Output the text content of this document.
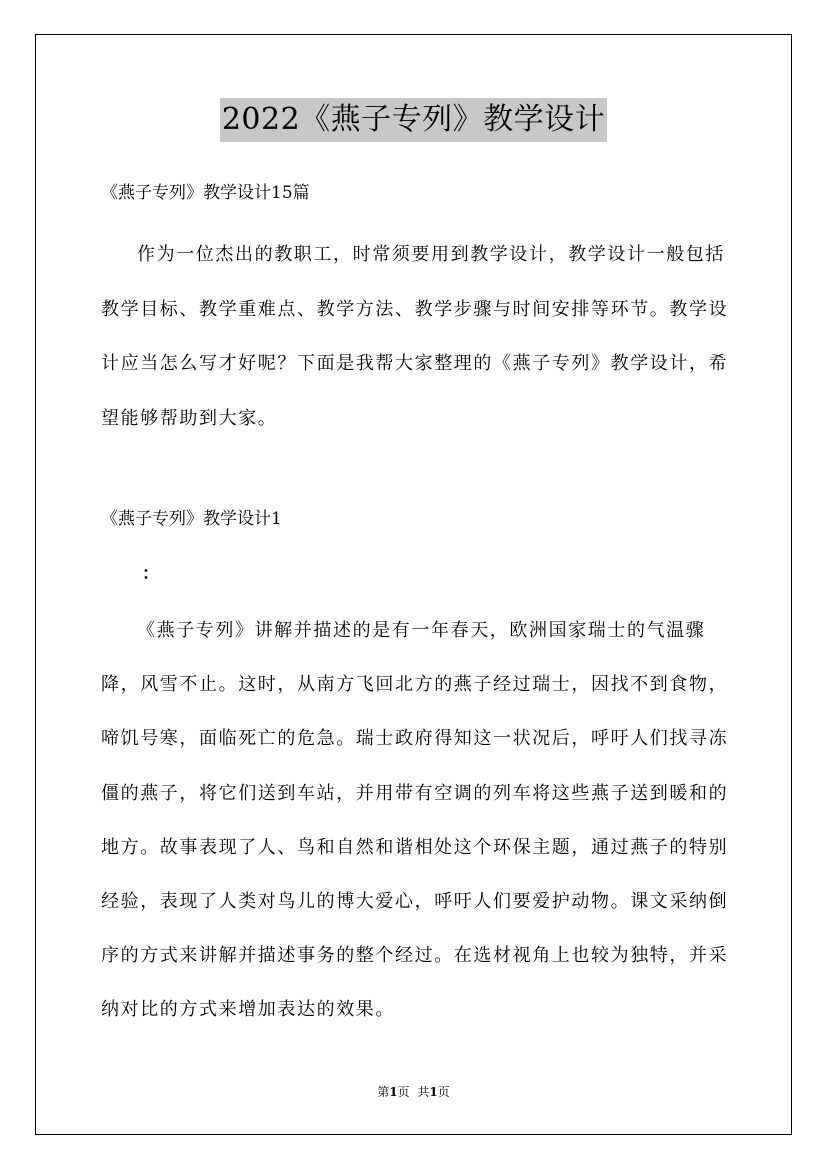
2022《燕子专列》教学设计
《燕子专列》教学设计15篇

作为一位杰出的教职工，时常须要用到教学设计，教学设计一般包括教学目标、教学重难点、教学方法、教学步骤与时间安排等环节。教学设计应当怎么写才好呢？下面是我帮大家整理的《燕子专列》教学设计，希望能够帮助到大家。

《燕子专列》教学设计1
：

《燕子专列》讲解并描述的是有一年春天，欧洲国家瑞士的气温骤降，风雪不止。这时，从南方飞回北方的燕子经过瑞士，因找不到食物，啼饥号寒，面临死亡的危急。瑞士政府得知这一状况后，呼吁人们找寻冻僵的燕子，将它们送到车站，并用带有空调的列车将这些燕子送到暖和的地方。故事表现了人、鸟和自然和谐相处这个环保主题，通过燕子的特别经验，表现了人类对鸟儿的博大爱心，呼吁人们要爱护动物。课文采纳倒序的方式来讲解并描述事务的整个经过。在选材视角上也较为独特，并采纳对比的方式来增加表达的效果。

第1页 共1页
